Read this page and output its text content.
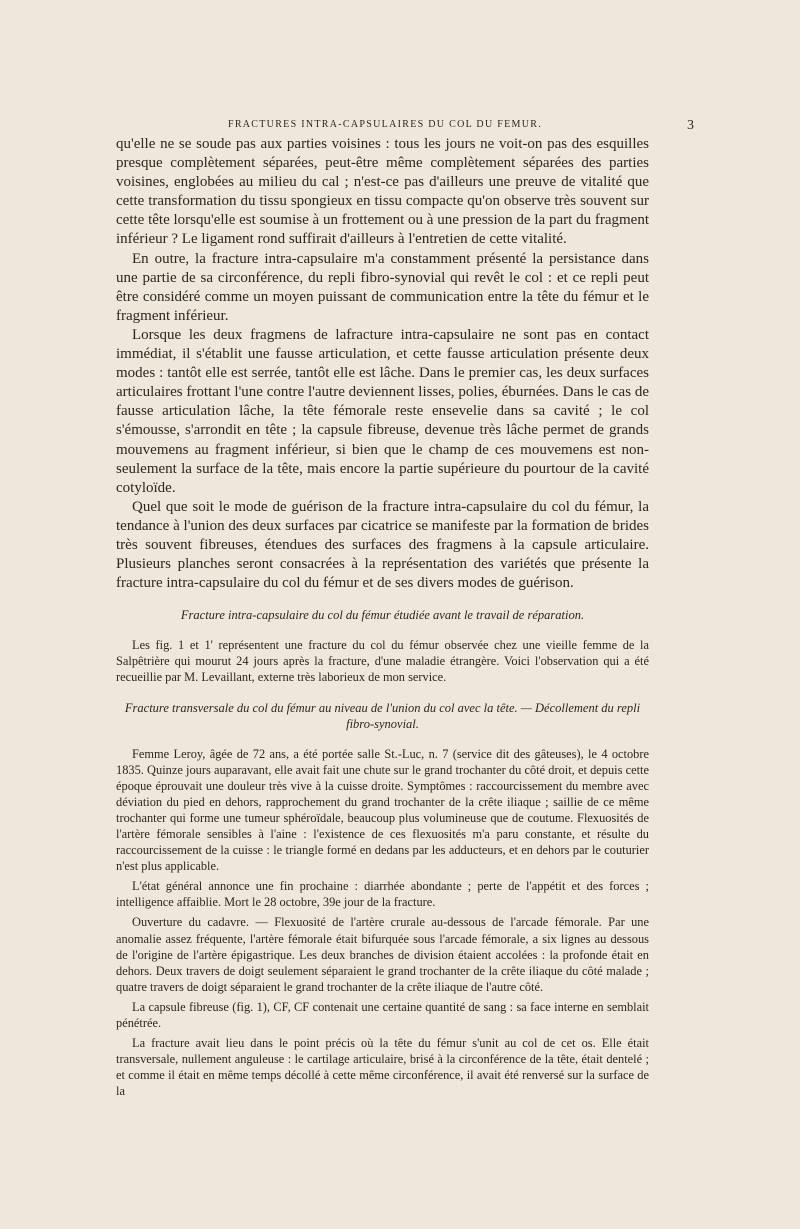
FRACTURES INTRA-CAPSULAIRES DU COL DU FEMUR.	3

qu'elle ne se soude pas aux parties voisines : tous les jours ne voit-on pas des esquilles presque complètement séparées, peut-être même complètement séparées des parties voisines, englobées au milieu du cal ; n'est-ce pas d'ailleurs une preuve de vitalité que cette transformation du tissu spongieux en tissu compacte qu'on observe très souvent sur cette tête lorsqu'elle est soumise à un frottement ou à une pression de la part du fragment inférieur ? Le ligament rond suffirait d'ailleurs à l'entretien de cette vitalité.

En outre, la fracture intra-capsulaire m'a constamment présenté la persistance dans une partie de sa circonférence, du repli fibro-synovial qui revêt le col : et ce repli peut être considéré comme un moyen puissant de communication entre la tête du fémur et le fragment inférieur.

Lorsque les deux fragmens de lafracture intra-capsulaire ne sont pas en contact immédiat, il s'établit une fausse articulation, et cette fausse articulation présente deux modes : tantôt elle est serrée, tantôt elle est lâche. Dans le premier cas, les deux surfaces articulaires frottant l'une contre l'autre deviennent lisses, polies, éburnées. Dans le cas de fausse articulation lâche, la tête fémorale reste ensevelie dans sa cavité ; le col s'émousse, s'arrondit en tête ; la capsule fibreuse, devenue très lâche permet de grands mouvemens au fragment inférieur, si bien que le champ de ces mouvemens est non-seulement la surface de la tête, mais encore la partie supérieure du pourtour de la cavité cotyloïde.

Quel que soit le mode de guérison de la fracture intra-capsulaire du col du fémur, la tendance à l'union des deux surfaces par cicatrice se manifeste par la formation de brides très souvent fibreuses, étendues des surfaces des fragmens à la capsule articulaire. Plusieurs planches seront consacrées à la représentation des variétés que présente la fracture intra-capsulaire du col du fémur et de ses divers modes de guérison.

Fracture intra-capsulaire du col du fémur étudiée avant le travail de réparation.

Les fig. 1 et 1' représentent une fracture du col du fémur observée chez une vieille femme de la Salpêtrière qui mourut 24 jours après la fracture, d'une maladie étrangère. Voici l'observation qui a été recueillie par M. Levaillant, externe très laborieux de mon service.

Fracture transversale du col du fémur au niveau de l'union du col avec la tête. — Décollement du repli fibro-synovial.

Femme Leroy, âgée de 72 ans, a été portée salle St.-Luc, n. 7 (service dit des gâteuses), le 4 octobre 1835. Quinze jours auparavant, elle avait fait une chute sur le grand trochanter du côté droit, et depuis cette époque éprouvait une douleur très vive à la cuisse droite. Symptômes : raccourcissement du membre avec déviation du pied en dehors, rapprochement du grand trochanter de la crête iliaque ; saillie de ce même trochanter qui forme une tumeur sphéroïdale, beaucoup plus volumineuse que de coutume. Flexuosités de l'artère fémorale sensibles à l'aine : l'existence de ces flexuosités m'a paru constante, et résulte du raccourcissement de la cuisse : le triangle formé en dedans par les adducteurs, et en dehors par le couturier n'est plus applicable.

L'état général annonce une fin prochaine : diarrhée abondante ; perte de l'appétit et des forces ; intelligence affaiblie. Mort le 28 octobre, 39e jour de la fracture.

Ouverture du cadavre. — Flexuosité de l'artère crurale au-dessous de l'arcade fémorale. Par une anomalie assez fréquente, l'artère fémorale était bifurquée sous l'arcade fémorale, a six lignes au dessous de l'origine de l'artère épigastrique. Les deux branches de division étaient accolées : la profonde était en dehors. Deux travers de doigt seulement séparaient le grand trochanter de la crête iliaque du côté malade ; quatre travers de doigt séparaient le grand trochanter de la crête iliaque de l'autre côté.

La capsule fibreuse (fig. 1), CF, CF contenait une certaine quantité de sang : sa face interne en semblait pénétrée.

La fracture avait lieu dans le point précis où la tête du fémur s'unit au col de cet os. Elle était transversale, nullement anguleuse : le cartilage articulaire, brisé à la circonférence de la tête, était dentelé ; et comme il était en même temps décollé à cette même circonférence, il avait été renversé sur la surface de la
